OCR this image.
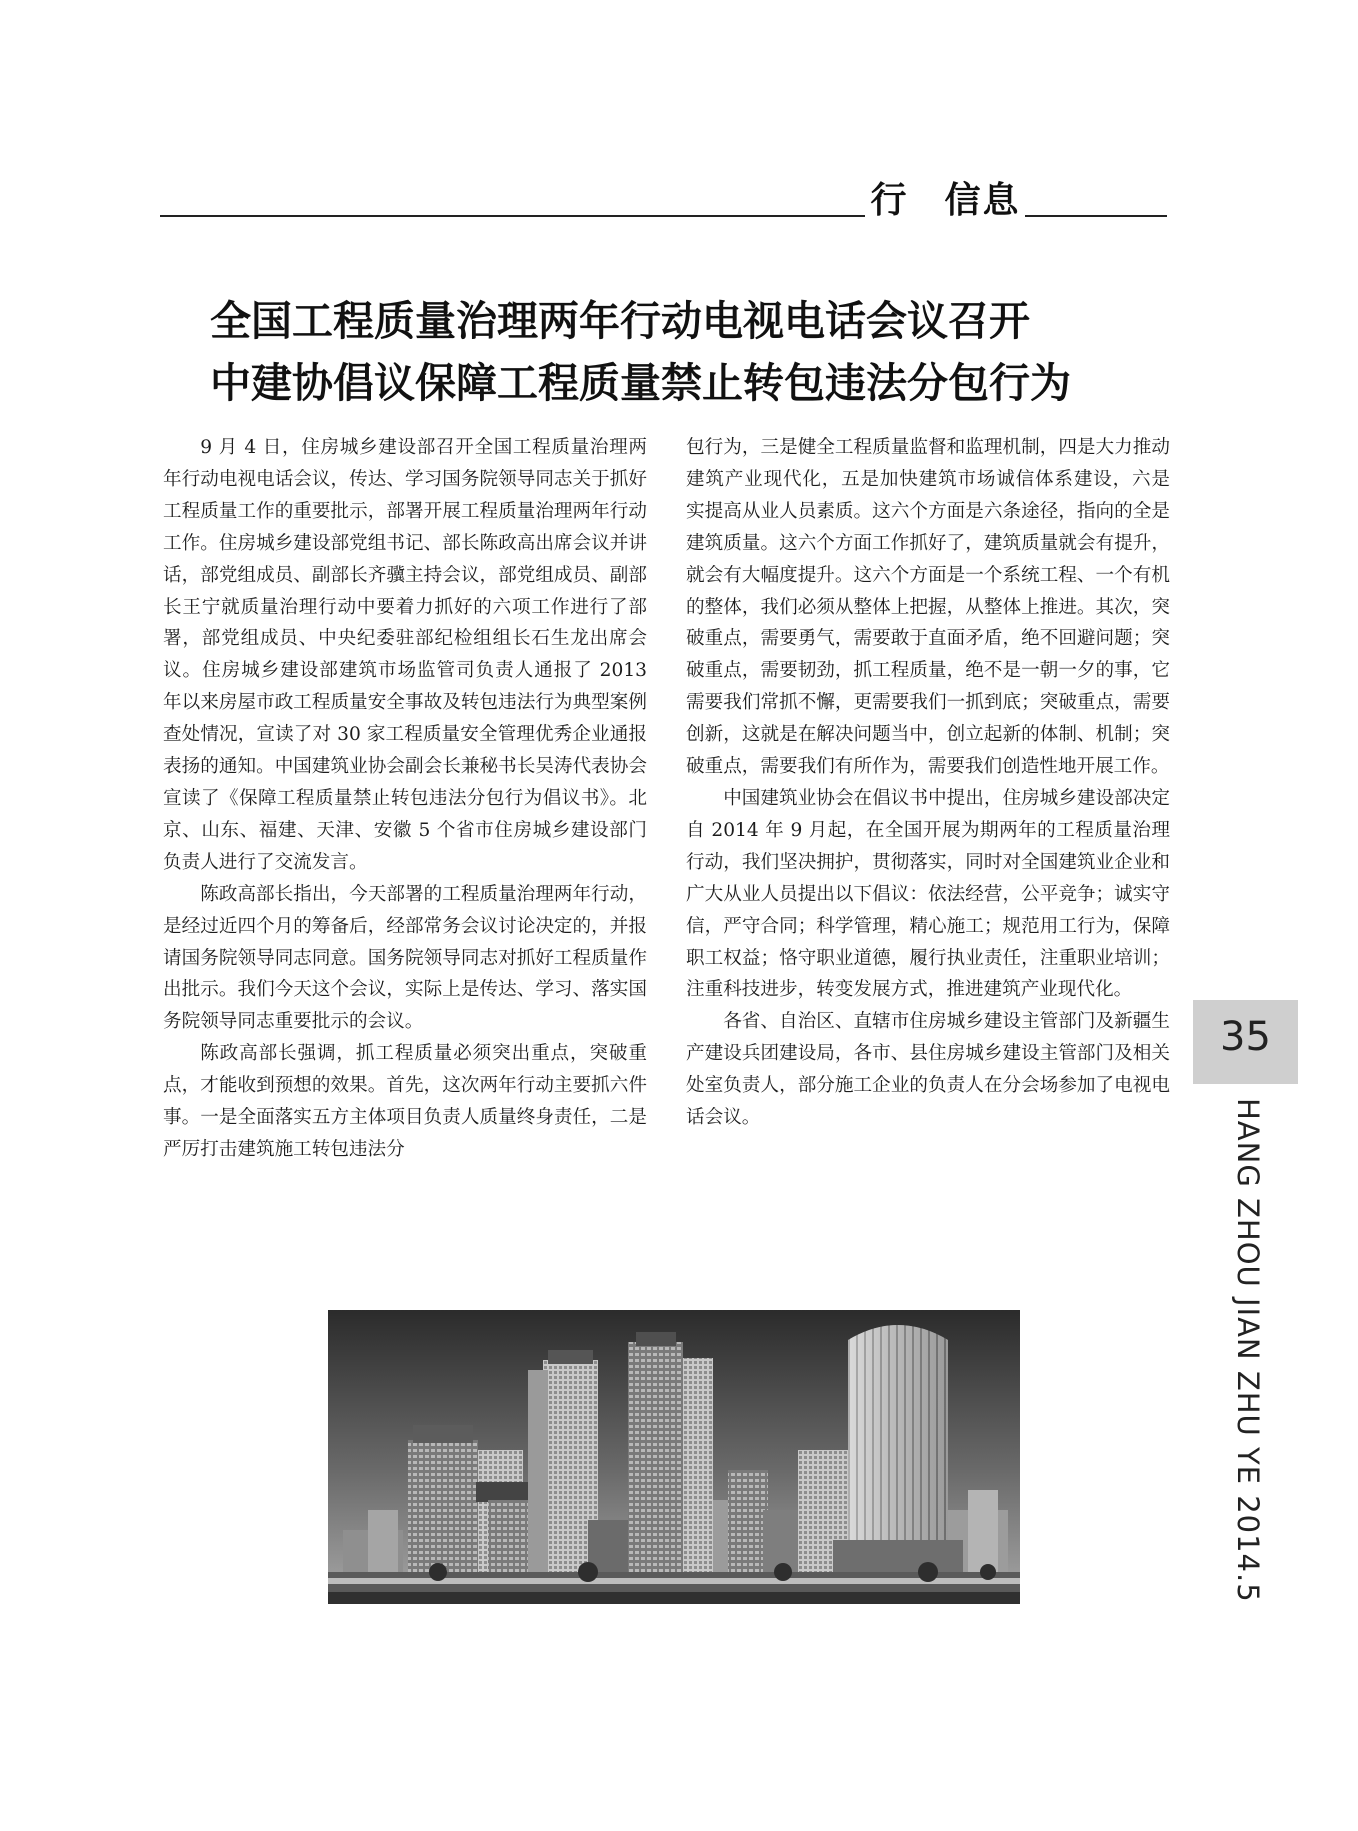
行 信息
全国工程质量治理两年行动电视电话会议召开
中建协倡议保障工程质量禁止转包违法分包行为

9 月 4 日，住房城乡建设部召开全国工程质量治理两年行动电视电话会议，传达、学习国务院领导同志关于抓好工程质量工作的重要批示，部署开展工程质量治理两年行动工作。住房城乡建设部党组书记、部长陈政高出席会议并讲话，部党组成员、副部长齐骥主持会议，部党组成员、副部长王宁就质量治理行动中要着力抓好的六项工作进行了部署，部党组成员、中央纪委驻部纪检组组长石生龙出席会议。住房城乡建设部建筑市场监管司负责人通报了 2013 年以来房屋市政工程质量安全事故及转包违法行为典型案例查处情况，宣读了对 30 家工程质量安全管理优秀企业通报表扬的通知。中国建筑业协会副会长兼秘书长吴涛代表协会宣读了《保障工程质量禁止转包违法分包行为倡议书》。北京、山东、福建、天津、安徽 5 个省市住房城乡建设部门负责人进行了交流发言。

陈政高部长指出，今天部署的工程质量治理两年行动，是经过近四个月的筹备后，经部常务会议讨论决定的，并报请国务院领导同志同意。国务院领导同志对抓好工程质量作出批示。我们今天这个会议，实际上是传达、学习、落实国务院领导同志重要批示的会议。

陈政高部长强调，抓工程质量必须突出重点，突破重点，才能收到预想的效果。首先，这次两年行动主要抓六件事。一是全面落实五方主体项目负责人质量终身责任，二是严厉打击建筑施工转包违法分

包行为，三是健全工程质量监督和监理机制，四是大力推动建筑产业现代化，五是加快建筑市场诚信体系建设，六是　实提高从业人员素质。这六个方面是六条途径，指向的全是建筑质量。这六个方面工作抓好了，建筑质量就会有提升，就会有大幅度提升。这六个方面是一个系统工程、一个有机的整体，我们必须从整体上把握，从整体上推进。其次，突破重点，需要勇气，需要敢于直面矛盾，绝不回避问题；突破重点，需要韧劲，抓工程质量，绝不是一朝一夕的事，它需要我们常抓不懈，更需要我们一抓到底；突破重点，需要创新，这就是在解决问题当中，创立起新的体制、机制；突破重点，需要我们有所作为，需要我们创造性地开展工作。

中国建筑业协会在倡议书中提出，住房城乡建设部决定自 2014 年 9 月起，在全国开展为期两年的工程质量治理行动，我们坚决拥护，贯彻落实，同时对全国建筑业企业和广大从业人员提出以下倡议：依法经营，公平竞争；诚实守信，严守合同；科学管理，精心施工；规范用工行为，保障职工权益；恪守职业道德，履行执业责任，注重职业培训；注重科技进步，转变发展方式，推进建筑产业现代化。

各省、自治区、直辖市住房城乡建设主管部门及新疆生产建设兵团建设局，各市、县住房城乡建设主管部门及相关处室负责人，部分施工企业的负责人在分会场参加了电视电话会议。

35
HANG ZHOU JIAN ZHU YE 2014.5
